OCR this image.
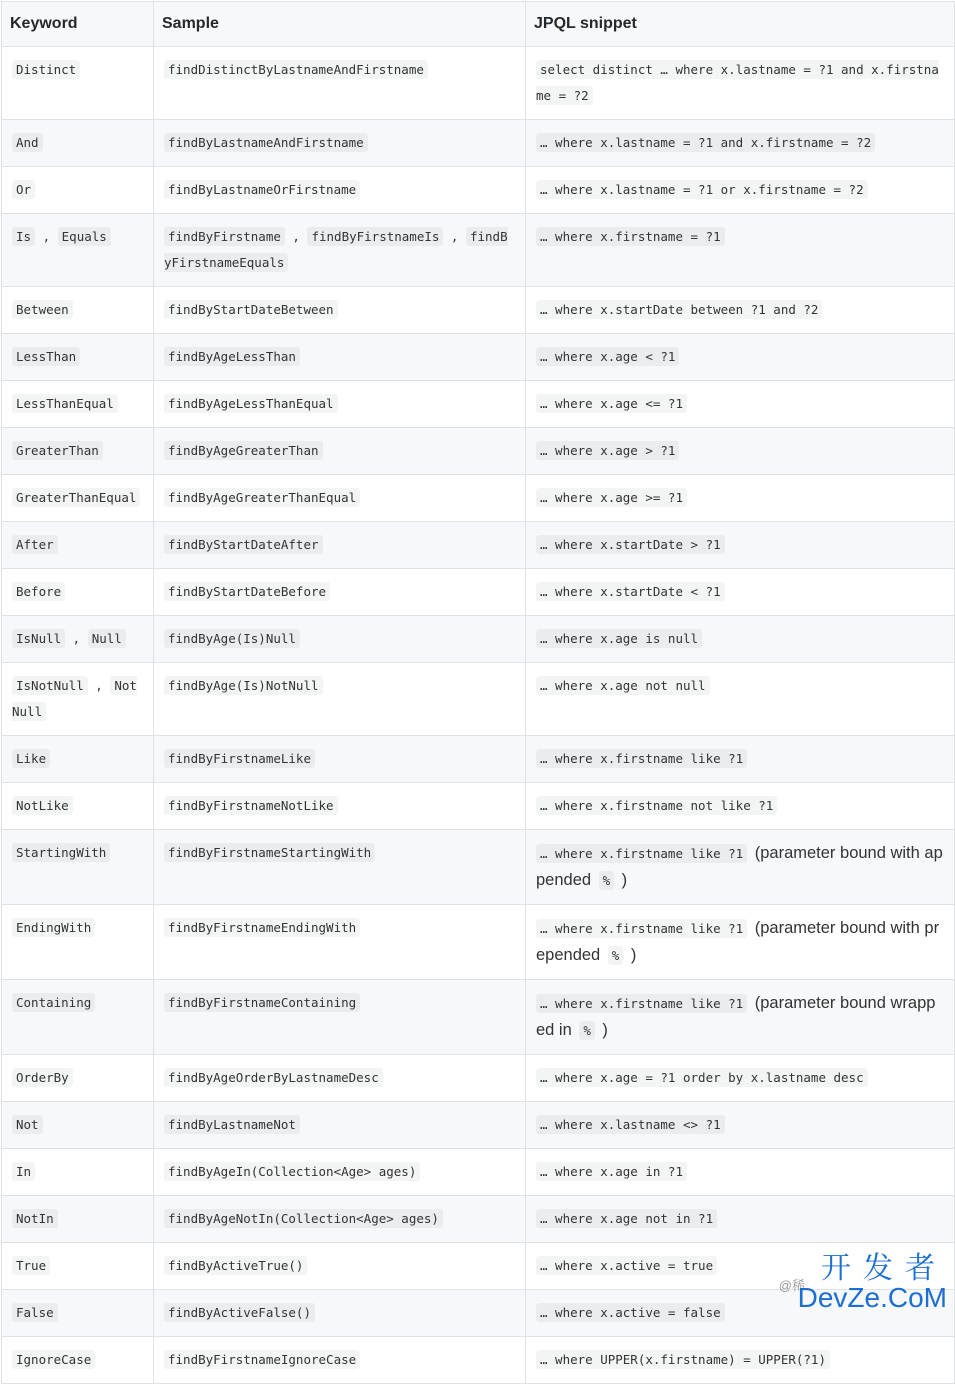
Keyword	Sample	JPQL snippet
Distinct	findDistinctByLastnameAndFirstname	select distinct … where x.lastname = ?1 and x.firstname = ?2
And	findByLastnameAndFirstname	… where x.lastname = ?1 and x.firstname = ?2
Or	findByLastnameOrFirstname	… where x.lastname = ?1 or x.firstname = ?2
Is , Equals	findByFirstname , findByFirstnameIs , findByFirstnameEquals	… where x.firstname = ?1
Between	findByStartDateBetween	… where x.startDate between ?1 and ?2
LessThan	findByAgeLessThan	… where x.age < ?1
LessThanEqual	findByAgeLessThanEqual	… where x.age <= ?1
GreaterThan	findByAgeGreaterThan	… where x.age > ?1
GreaterThanEqual	findByAgeGreaterThanEqual	… where x.age >= ?1
After	findByStartDateAfter	… where x.startDate > ?1
Before	findByStartDateBefore	… where x.startDate < ?1
IsNull , Null	findByAge(Is)Null	… where x.age is null
IsNotNull , NotNull	findByAge(Is)NotNull	… where x.age not null
Like	findByFirstnameLike	… where x.firstname like ?1
NotLike	findByFirstnameNotLike	… where x.firstname not like ?1
StartingWith	findByFirstnameStartingWith	… where x.firstname like ?1 (parameter bound with appended % )
EndingWith	findByFirstnameEndingWith	… where x.firstname like ?1 (parameter bound with prepended % )
Containing	findByFirstnameContaining	… where x.firstname like ?1 (parameter bound wrapped in % )
OrderBy	findByAgeOrderByLastnameDesc	… where x.age = ?1 order by x.lastname desc
Not	findByLastnameNot	… where x.lastname <> ?1
In	findByAgeIn(Collection<Age> ages)	… where x.age in ?1
NotIn	findByAgeNotIn(Collection<Age> ages)	… where x.age not in ?1
True	findByActiveTrue()	… where x.active = true
False	findByActiveFalse()	… where x.active = false
IgnoreCase	findByFirstnameIgnoreCase	… where UPPER(x.firstname) = UPPER(?1)
@稀 开发者
DevZe.CoM
